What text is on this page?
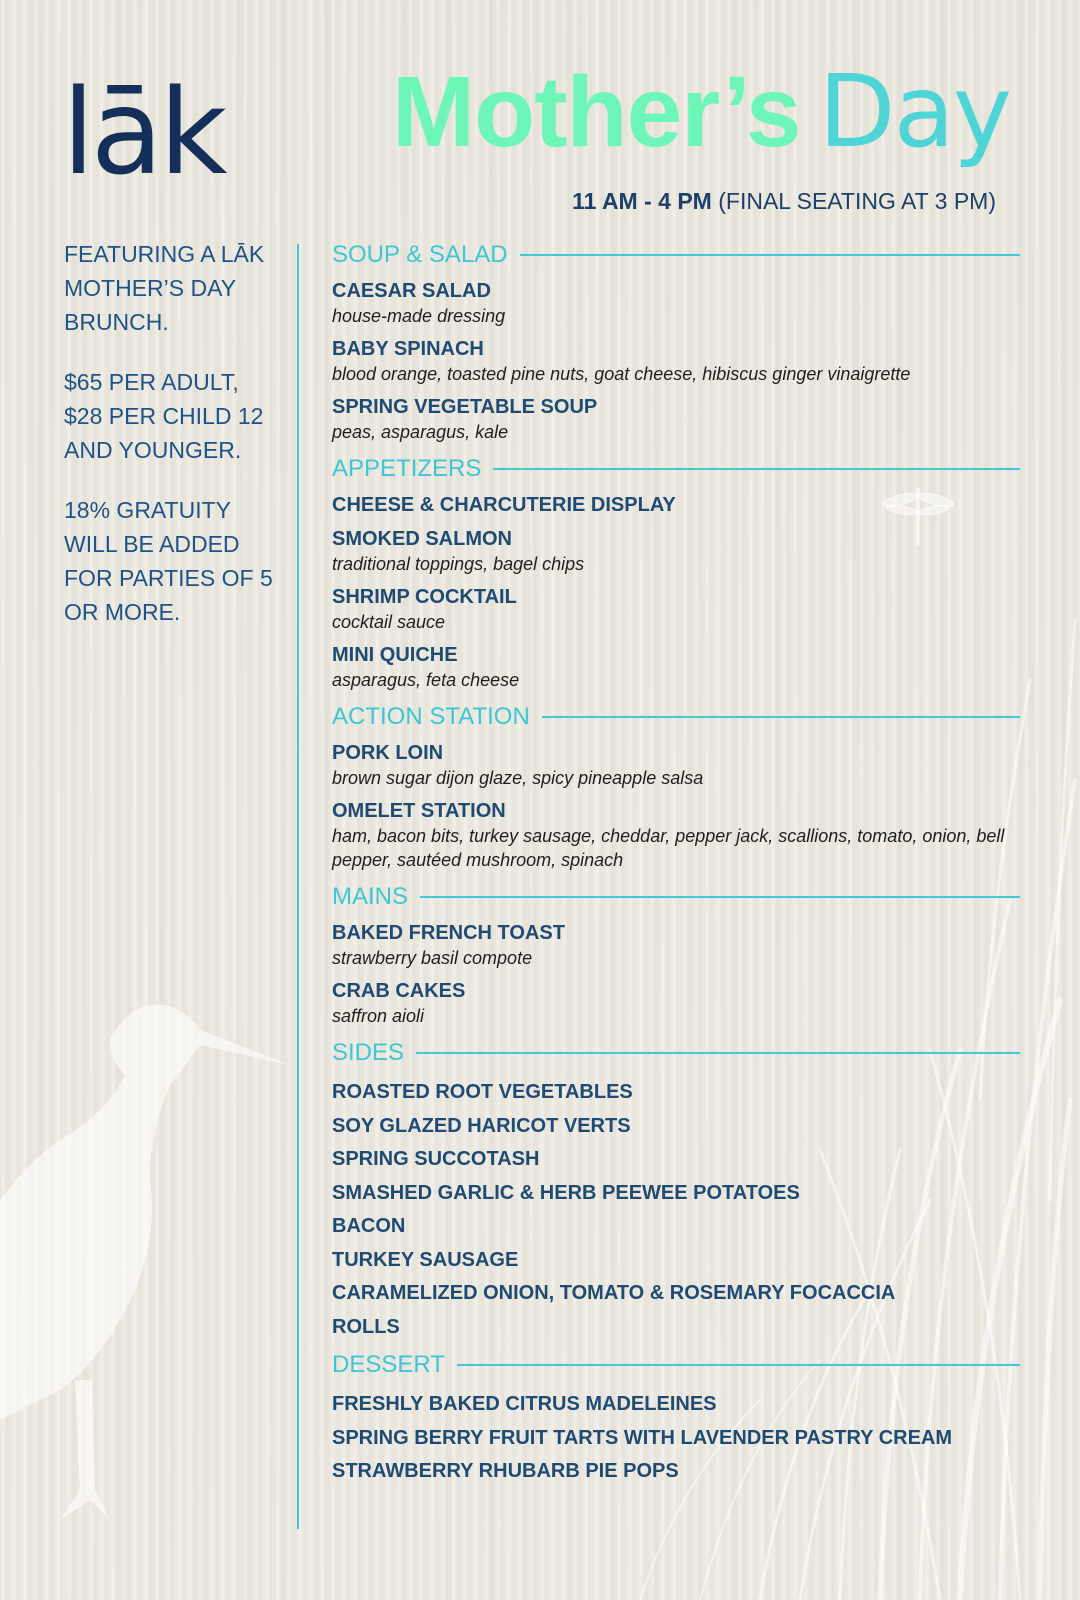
lāk Mother’s Day
11 AM - 4 PM (FINAL SEATING AT 3 PM)

FEATURING A LĀK MOTHER’S DAY BRUNCH.

$65 PER ADULT, $28 PER CHILD 12 AND YOUNGER.

18% GRATUITY WILL BE ADDED FOR PARTIES OF 5 OR MORE.

SOUP & SALAD
CAESAR SALAD
house-made dressing
BABY SPINACH
blood orange, toasted pine nuts, goat cheese, hibiscus ginger vinaigrette
SPRING VEGETABLE SOUP
peas, asparagus, kale
APPETIZERS
CHEESE & CHARCUTERIE DISPLAY
SMOKED SALMON
traditional toppings, bagel chips
SHRIMP COCKTAIL
cocktail sauce
MINI QUICHE
asparagus, feta cheese
ACTION STATION
PORK LOIN
brown sugar dijon glaze, spicy pineapple salsa
OMELET STATION
ham, bacon bits, turkey sausage, cheddar, pepper jack, scallions, tomato, onion, bell pepper, sautéed mushroom, spinach
MAINS
BAKED FRENCH TOAST
strawberry basil compote
CRAB CAKES
saffron aioli
SIDES
ROASTED ROOT VEGETABLES
SOY GLAZED HARICOT VERTS
SPRING SUCCOTASH
SMASHED GARLIC & HERB PEEWEE POTATOES
BACON
TURKEY SAUSAGE
CARAMELIZED ONION, TOMATO & ROSEMARY FOCACCIA
ROLLS
DESSERT
FRESHLY BAKED CITRUS MADELEINES
SPRING BERRY FRUIT TARTS WITH LAVENDER PASTRY CREAM
STRAWBERRY RHUBARB PIE POPS
